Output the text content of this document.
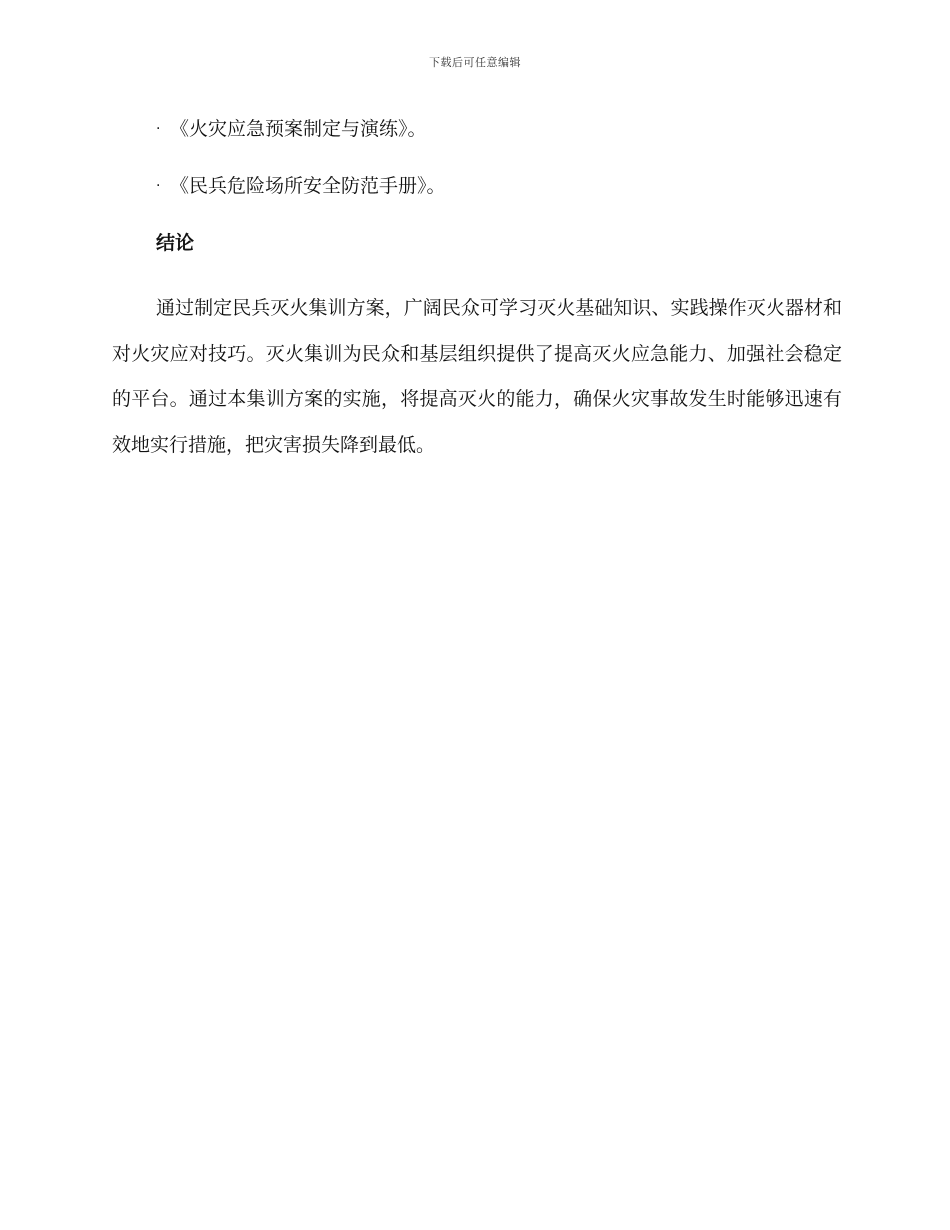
下载后可任意编辑
· 《火灾应急预案制定与演练》。
· 《民兵危险场所安全防范手册》。
结论

通过制定民兵灭火集训方案，广阔民众可学习灭火基础知识、实践操作灭火器材和对火灾应对技巧。灭火集训为民众和基层组织提供了提高灭火应急能力、加强社会稳定的平台。通过本集训方案的实施，将提高灭火的能力，确保火灾事故发生时能够迅速有效地实行措施，把灾害损失降到最低。
